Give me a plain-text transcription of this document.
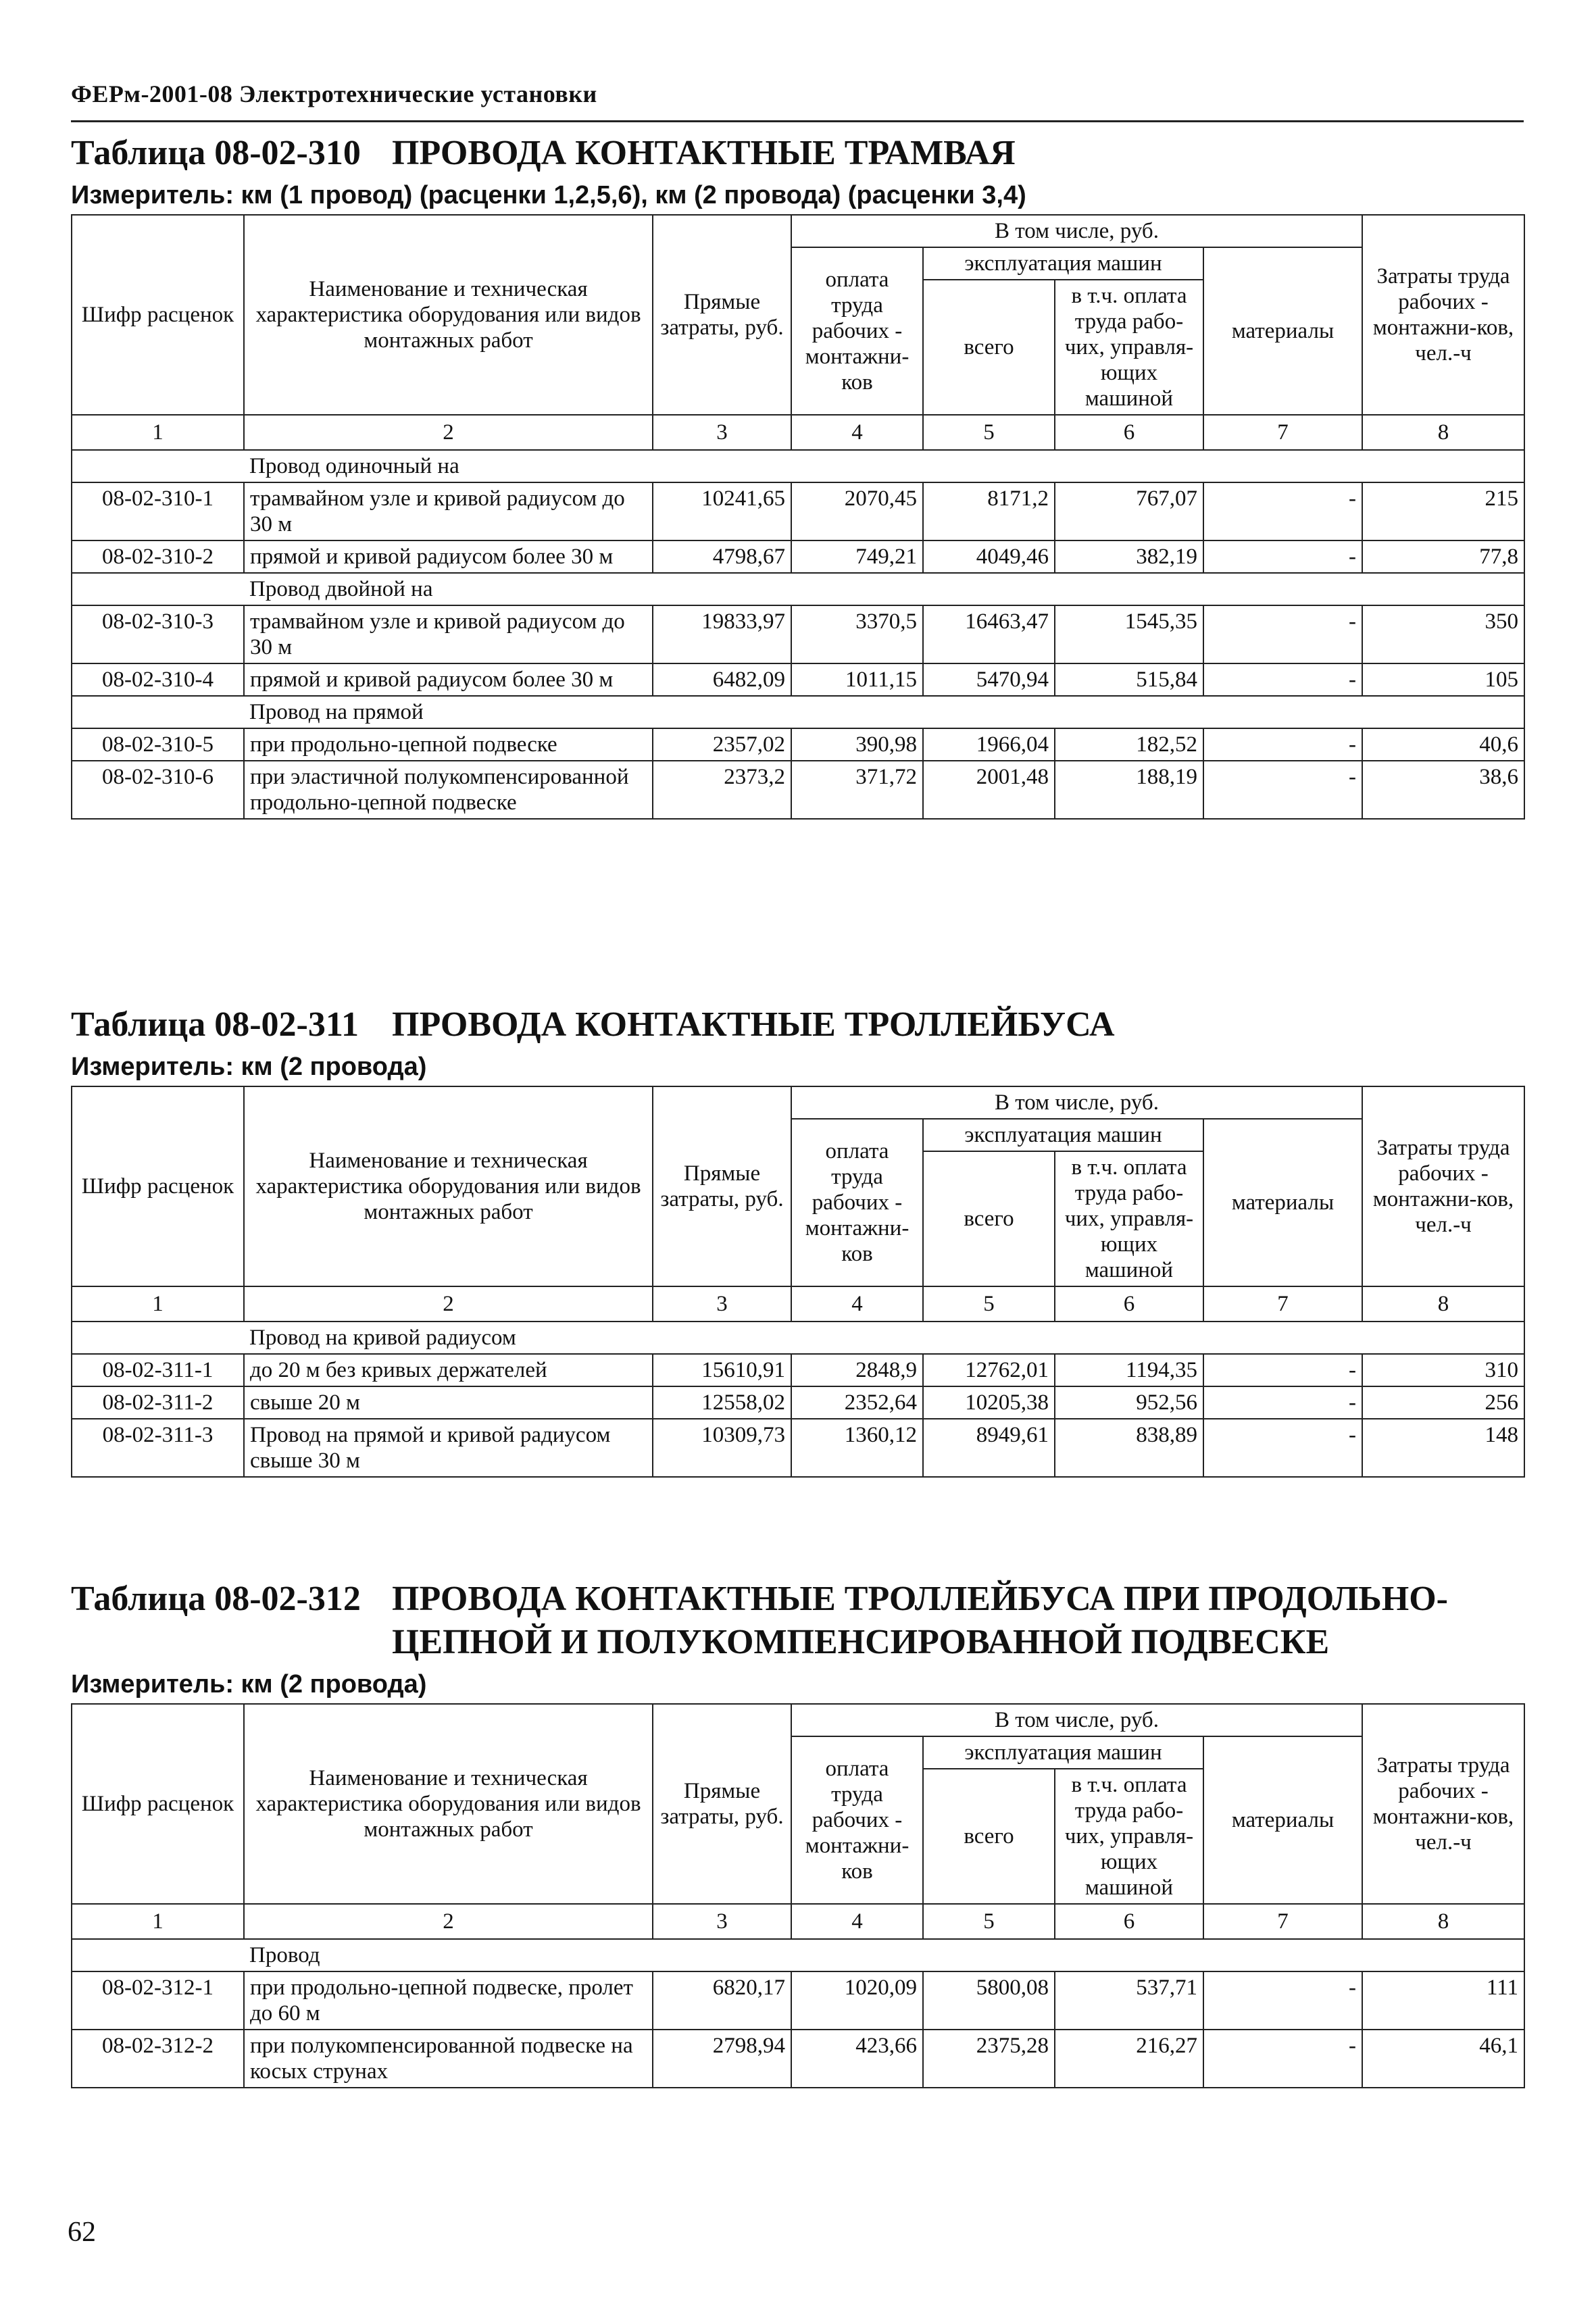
ФЕРм-2001-08 Электротехнические установки
Таблица 08-02-310 ПРОВОДА КОНТАКТНЫЕ ТРАМВАЯ
Измеритель: км (1 провод) (расценки 1,2,5,6), км (2 провода) (расценки 3,4)
Шифр расценок	Наименование и техническая характеристика оборудования или видов монтажных работ	Прямые затраты, руб.	В том числе, руб.				Затраты труда рабочих - монтажни-ков, чел.-ч
			оплата труда рабочих - монтажни-ков	эксплуатация машин		материалы	
				всего	в т.ч. оплата труда рабо-чих, управля-ющих машиной		
1	2	3	4	5	6	7	8
	Провод одиночный на						
08-02-310-1	трамвайном узле и кривой радиусом до 30 м	10241,65	2070,45	8171,2	767,07	-	215
08-02-310-2	прямой и кривой радиусом более 30 м	4798,67	749,21	4049,46	382,19	-	77,8
	Провод двойной на						
08-02-310-3	трамвайном узле и кривой радиусом до 30 м	19833,97	3370,5	16463,47	1545,35	-	350
08-02-310-4	прямой и кривой радиусом более 30 м	6482,09	1011,15	5470,94	515,84	-	105
	Провод на прямой						
08-02-310-5	при продольно-цепной подвеске	2357,02	390,98	1966,04	182,52	-	40,6
08-02-310-6	при эластичной полукомпенсированной продольно-цепной подвеске	2373,2	371,72	2001,48	188,19	-	38,6
Таблица 08-02-311 ПРОВОДА КОНТАКТНЫЕ ТРОЛЛЕЙБУСА
Измеритель: км (2 провода)
Шифр расценок	Наименование и техническая характеристика оборудования или видов монтажных работ	Прямые затраты, руб.	В том числе, руб.				Затраты труда рабочих - монтажни-ков, чел.-ч
			оплата труда рабочих - монтажни-ков	эксплуатация машин		материалы	
				всего	в т.ч. оплата труда рабо-чих, управля-ющих машиной		
1	2	3	4	5	6	7	8
	Провод на кривой радиусом						
08-02-311-1	до 20 м без кривых держателей	15610,91	2848,9	12762,01	1194,35	-	310
08-02-311-2	свыше 20 м	12558,02	2352,64	10205,38	952,56	-	256
08-02-311-3	Провод на прямой и кривой радиусом свыше 30 м	10309,73	1360,12	8949,61	838,89	-	148
Таблица 08-02-312 ПРОВОДА КОНТАКТНЫЕ ТРОЛЛЕЙБУСА ПРИ ПРОДОЛЬНО-ЦЕПНОЙ И ПОЛУКОМПЕНСИРОВАННОЙ ПОДВЕСКЕ
Измеритель: км (2 провода)
Шифр расценок	Наименование и техническая характеристика оборудования или видов монтажных работ	Прямые затраты, руб.	В том числе, руб.				Затраты труда рабочих - монтажни-ков, чел.-ч
			оплата труда рабочих - монтажни-ков	эксплуатация машин		материалы	
				всего	в т.ч. оплата труда рабо-чих, управля-ющих машиной		
1	2	3	4	5	6	7	8
	Провод						
08-02-312-1	при продольно-цепной подвеске, пролет до 60 м	6820,17	1020,09	5800,08	537,71	-	111
08-02-312-2	при полукомпенсированной подвеске на косых струнах	2798,94	423,66	2375,28	216,27	-	46,1
62
